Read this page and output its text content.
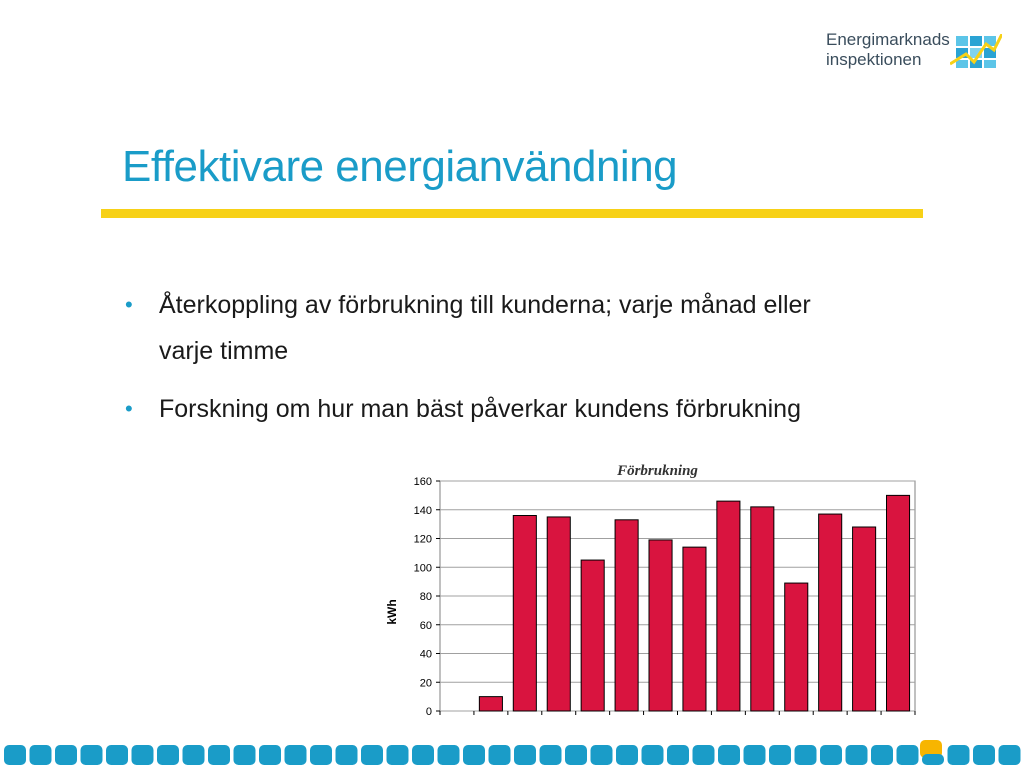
Energimarknads
inspektionen
Effektivare energianvändning
• Återkoppling av förbrukning till kunderna; varje månad eller varje timme
• Forskning om hur man bäst påverkar kundens förbrukning
0
20
40
60
80
100
120
140
160
Förbrukning
kWh
